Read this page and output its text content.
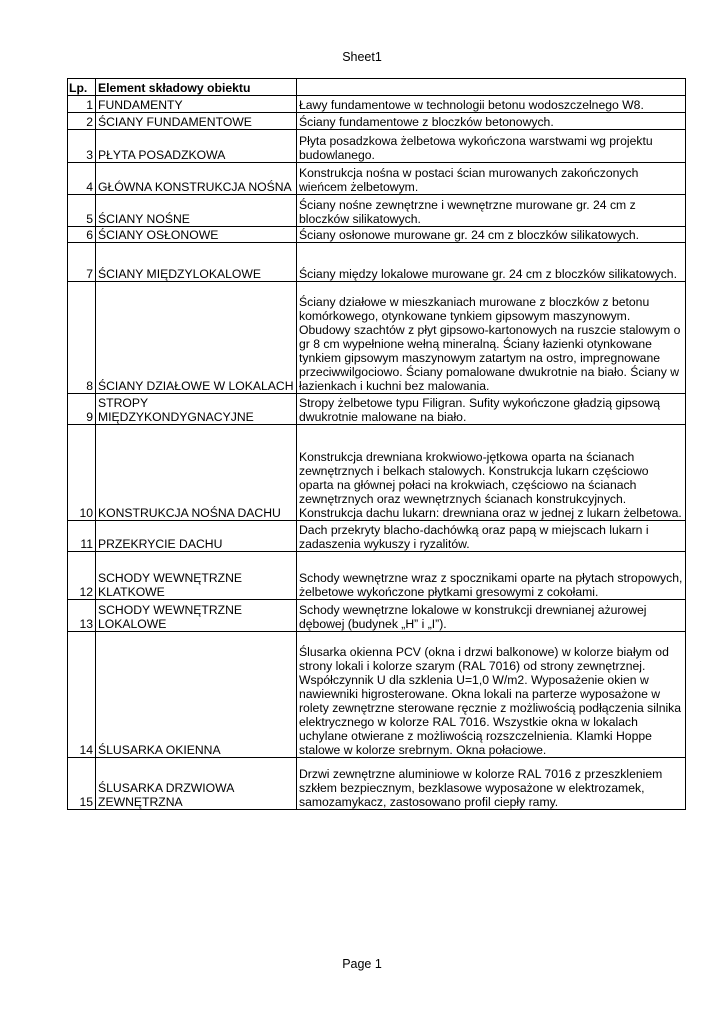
Sheet1
Lp.	Element składowy obiektu	
1	FUNDAMENTY	Ławy fundamentowe w technologii betonu wodoszczelnego W8.
2	ŚCIANY FUNDAMENTOWE	Ściany fundamentowe z bloczków betonowych.
3	PŁYTA POSADZKOWA	Płyta posadzkowa żelbetowa wykończona warstwami wg projektu budowlanego.
4	GŁÓWNA KONSTRUKCJA NOŚNA	Konstrukcja nośna w postaci ścian murowanych zakończonych wieńcem żelbetowym.
5	ŚCIANY NOŚNE	Ściany nośne zewnętrzne i wewnętrzne murowane gr. 24 cm z bloczków silikatowych.
6	ŚCIANY OSŁONOWE	Ściany osłonowe murowane gr. 24 cm z bloczków silikatowych.
7	ŚCIANY MIĘDZYLOKALOWE	Ściany między lokalowe murowane gr. 24 cm z bloczków silikatowych.
8	ŚCIANY DZIAŁOWE W LOKALACH	Ściany działowe w mieszkaniach murowane z bloczków z betonu komórkowego, otynkowane tynkiem gipsowym maszynowym. Obudowy szachtów z płyt gipsowo-kartonowych na ruszcie stalowym o gr 8 cm wypełnione wełną mineralną. Ściany łazienki otynkowane tynkiem gipsowym maszynowym zatartym na ostro, impregnowane przeciwwilgociowo. Ściany pomalowane dwukrotnie na biało. Ściany w łazienkach i kuchni bez malowania.
9	STROPY MIĘDZYKONDYGNACYJNE	Stropy żelbetowe typu Filigran. Sufity wykończone gładzią gipsową dwukrotnie malowane na biało.
10	KONSTRUKCJA NOŚNA DACHU	Konstrukcja drewniana krokwiowo-jętkowa oparta na ścianach zewnętrznych i belkach stalowych. Konstrukcja lukarn częściowo oparta na głównej połaci na krokwiach, częściowo na ścianach zewnętrznych oraz wewnętrznych ścianach konstrukcyjnych. Konstrukcja dachu lukarn: drewniana oraz w jednej z lukarn żelbetowa.
11	PRZEKRYCIE DACHU	Dach przekryty blacho-dachówką oraz papą w miejscach lukarn i zadaszenia wykuszy i ryzalitów.
12	SCHODY WEWNĘTRZNE KLATKOWE	Schody wewnętrzne wraz z spocznikami oparte na płytach stropowych, żelbetowe wykończone płytkami gresowymi z cokołami.
13	SCHODY WEWNĘTRZNE LOKALOWE	Schody wewnętrzne lokalowe w konstrukcji drewnianej ażurowej dębowej (budynek „H” i „I”).
14	ŚLUSARKA OKIENNA	Ślusarka okienna PCV (okna i drzwi balkonowe) w kolorze białym od strony lokali i kolorze szarym (RAL 7016) od strony zewnętrznej. Współczynnik U dla szklenia U=1,0 W/m2. Wyposażenie okien w nawiewniki higrosterowane. Okna lokali na parterze wyposażone w rolety zewnętrzne sterowane ręcznie z możliwością podłączenia silnika elektrycznego w kolorze RAL 7016. Wszystkie okna w lokalach uchylane otwierane z możliwością rozszczelnienia. Klamki Hoppe stalowe w kolorze srebrnym. Okna połaciowe.
15	ŚLUSARKA DRZWIOWA ZEWNĘTRZNA	Drzwi zewnętrzne aluminiowe w kolorze RAL 7016 z przeszkleniem szkłem bezpiecznym, bezklasowe wyposażone w elektrozamek, samozamykacz, zastosowano profil ciepły ramy.
Page 1
